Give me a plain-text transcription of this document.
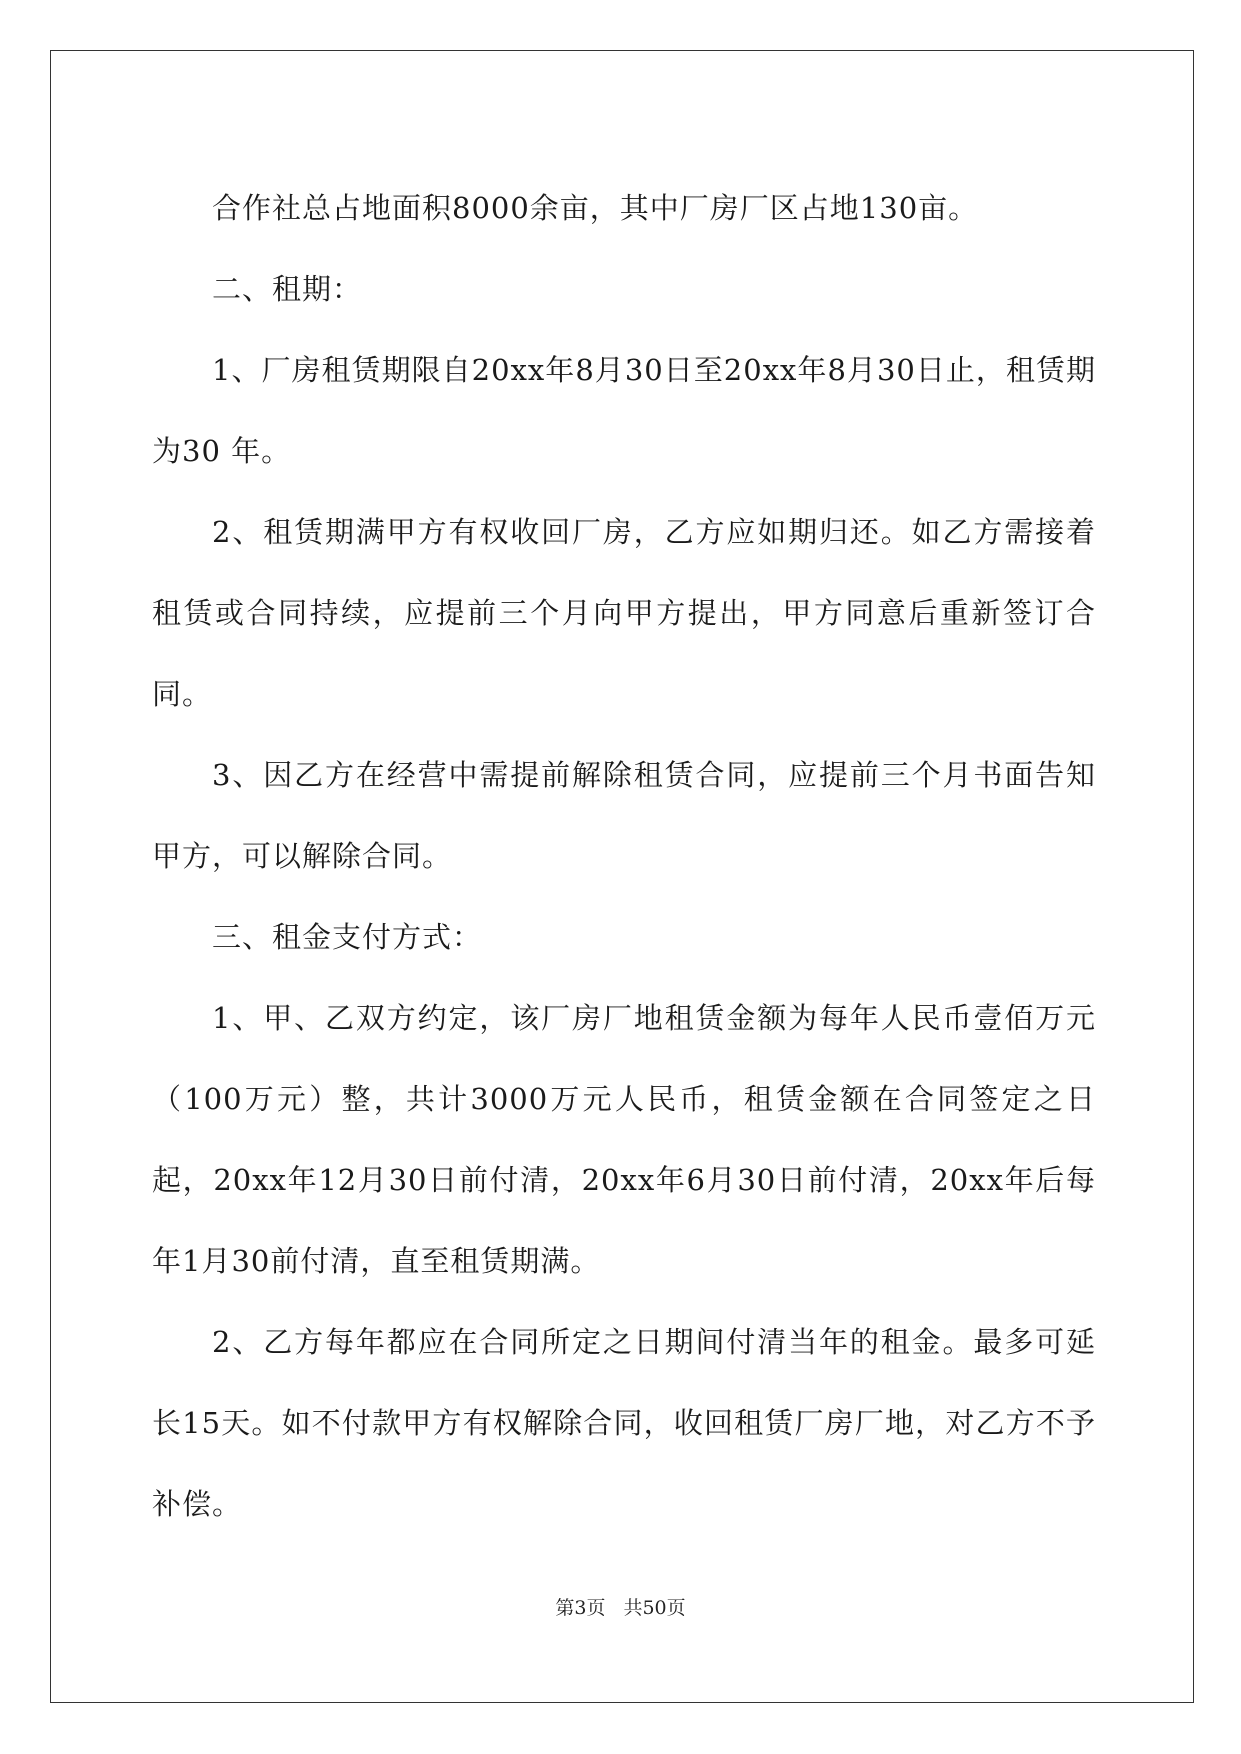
合作社总占地面积8000余亩，其中厂房厂区占地130亩。

二、租期：

1、厂房租赁期限自20xx年8月30日至20xx年8月30日止，租赁期为30 年。

2、租赁期满甲方有权收回厂房，乙方应如期归还。如乙方需接着租赁或合同持续，应提前三个月向甲方提出，甲方同意后重新签订合同。

3、因乙方在经营中需提前解除租赁合同，应提前三个月书面告知甲方，可以解除合同。

三、租金支付方式：

1、甲、乙双方约定，该厂房厂地租赁金额为每年人民币壹佰万元（100万元）整，共计3000万元人民币，租赁金额在合同签定之日起，20xx年12月30日前付清，20xx年6月30日前付清，20xx年后每年1月30前付清，直至租赁期满。

2、乙方每年都应在合同所定之日期间付清当年的租金。最多可延长15天。如不付款甲方有权解除合同，收回租赁厂房厂地，对乙方不予补偿。

第3页 共50页
